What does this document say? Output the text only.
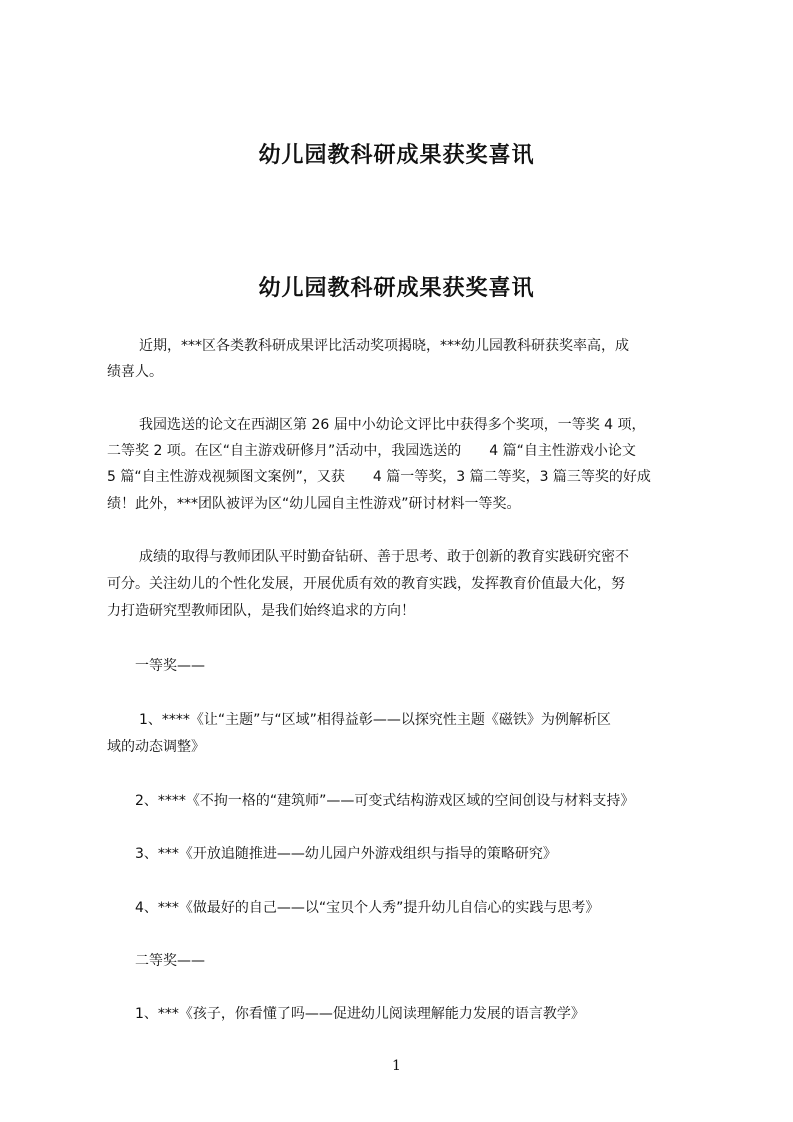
幼儿园教科研成果获奖喜讯
幼儿园教科研成果获奖喜讯
近期，***区各类教科研成果评比活动奖项揭晓，***幼儿园教科研获奖率高，成
绩喜人。
我园选送的论文在西湖区第 26 届中小幼论文评比中获得多个奖项，一等奖 4 项，
二等奖 2 项。在区“自主游戏研修月”活动中，我园选送的　　4 篇“自主性游戏小论文
5 篇“自主性游戏视频图文案例”，又获　　4 篇一等奖，3 篇二等奖，3 篇三等奖的好成
绩！此外，***团队被评为区“幼儿园自主性游戏”研讨材料一等奖。
成绩的取得与教师团队平时勤奋钻研、善于思考、敢于创新的教育实践研究密不
可分。关注幼儿的个性化发展，开展优质有效的教育实践，发挥教育价值最大化，努
力打造研究型教师团队，是我们始终追求的方向！
一等奖——
1、****《让“主题”与“区域”相得益彰——以探究性主题《磁铁》为例解析区
域的动态调整》
2、****《不拘一格的“建筑师”——可变式结构游戏区域的空间创设与材料支持》
3、***《开放追随推进——幼儿园户外游戏组织与指导的策略研究》
4、***《做最好的自己——以“宝贝个人秀”提升幼儿自信心的实践与思考》
二等奖——
1、***《孩子，你看懂了吗——促进幼儿阅读理解能力发展的语言教学》
1
